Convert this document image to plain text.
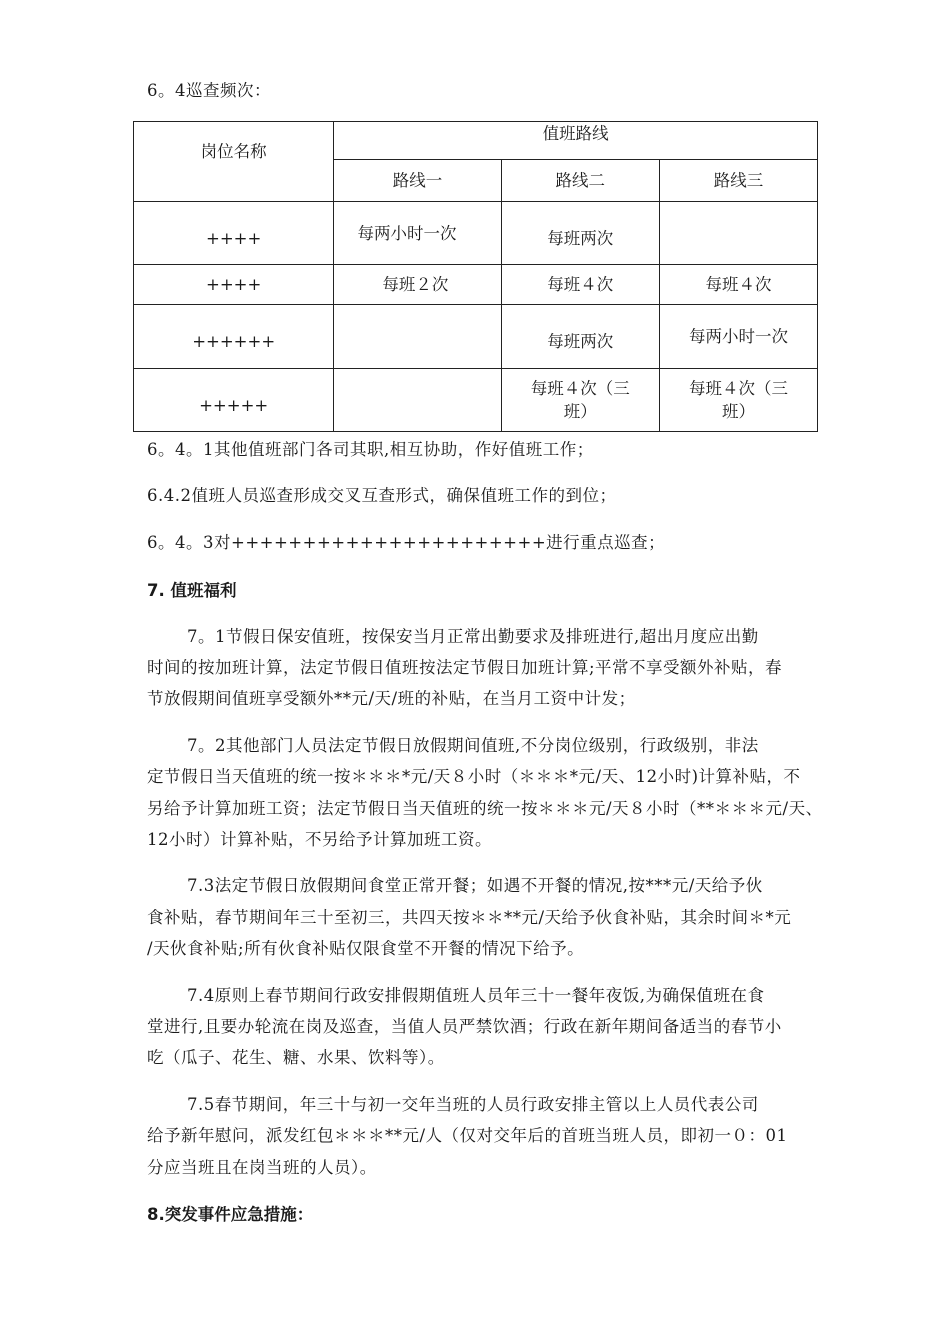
6。4巡查频次：
岗位名称	值班路线		
	路线一	路线二	路线三
++++	每两小时一次	每班两次	
++++	每班２次	每班４次	每班４次
++++++		每班两次	每两小时一次

+++++		每班４次（三班）	每班４次（三班）
6。4。1其他值班部门各司其职,相互协助，作好值班工作；
6.4.2值班人员巡查形成交叉互查形式，确保值班工作的到位；
6。4。3对++++++++++++++++++++++进行重点巡查；
7. 值班福利
7。1节假日保安值班，按保安当月正常出勤要求及排班进行,超出月度应出勤
时间的按加班计算，法定节假日值班按法定节假日加班计算;平常不享受额外补贴，春
节放假期间值班享受额外**元/天/班的补贴，在当月工资中计发；
7。2其他部门人员法定节假日放假期间值班,不分岗位级别，行政级别，非法
定节假日当天值班的统一按＊＊＊*元/天８小时（＊＊＊*元/天、12小时)计算补贴，不
另给予计算加班工资；法定节假日当天值班的统一按＊＊＊元/天８小时（**＊＊＊元/天、
12小时）计算补贴，不另给予计算加班工资。
7.3法定节假日放假期间食堂正常开餐；如遇不开餐的情况,按***元/天给予伙
食补贴，春节期间年三十至初三，共四天按＊＊**元/天给予伙食补贴，其余时间＊*元
/天伙食补贴;所有伙食补贴仅限食堂不开餐的情况下给予。
7.4原则上春节期间行政安排假期值班人员年三十一餐年夜饭,为确保值班在食
堂进行,且要办轮流在岗及巡查，当值人员严禁饮酒；行政在新年期间备适当的春节小
吃（瓜子、花生、糖、水果、饮料等）。
7.5春节期间，年三十与初一交年当班的人员行政安排主管以上人员代表公司
给予新年慰问，派发红包＊＊＊**元/人（仅对交年后的首班当班人员，即初一０：01
分应当班且在岗当班的人员）。
8.突发事件应急措施：
